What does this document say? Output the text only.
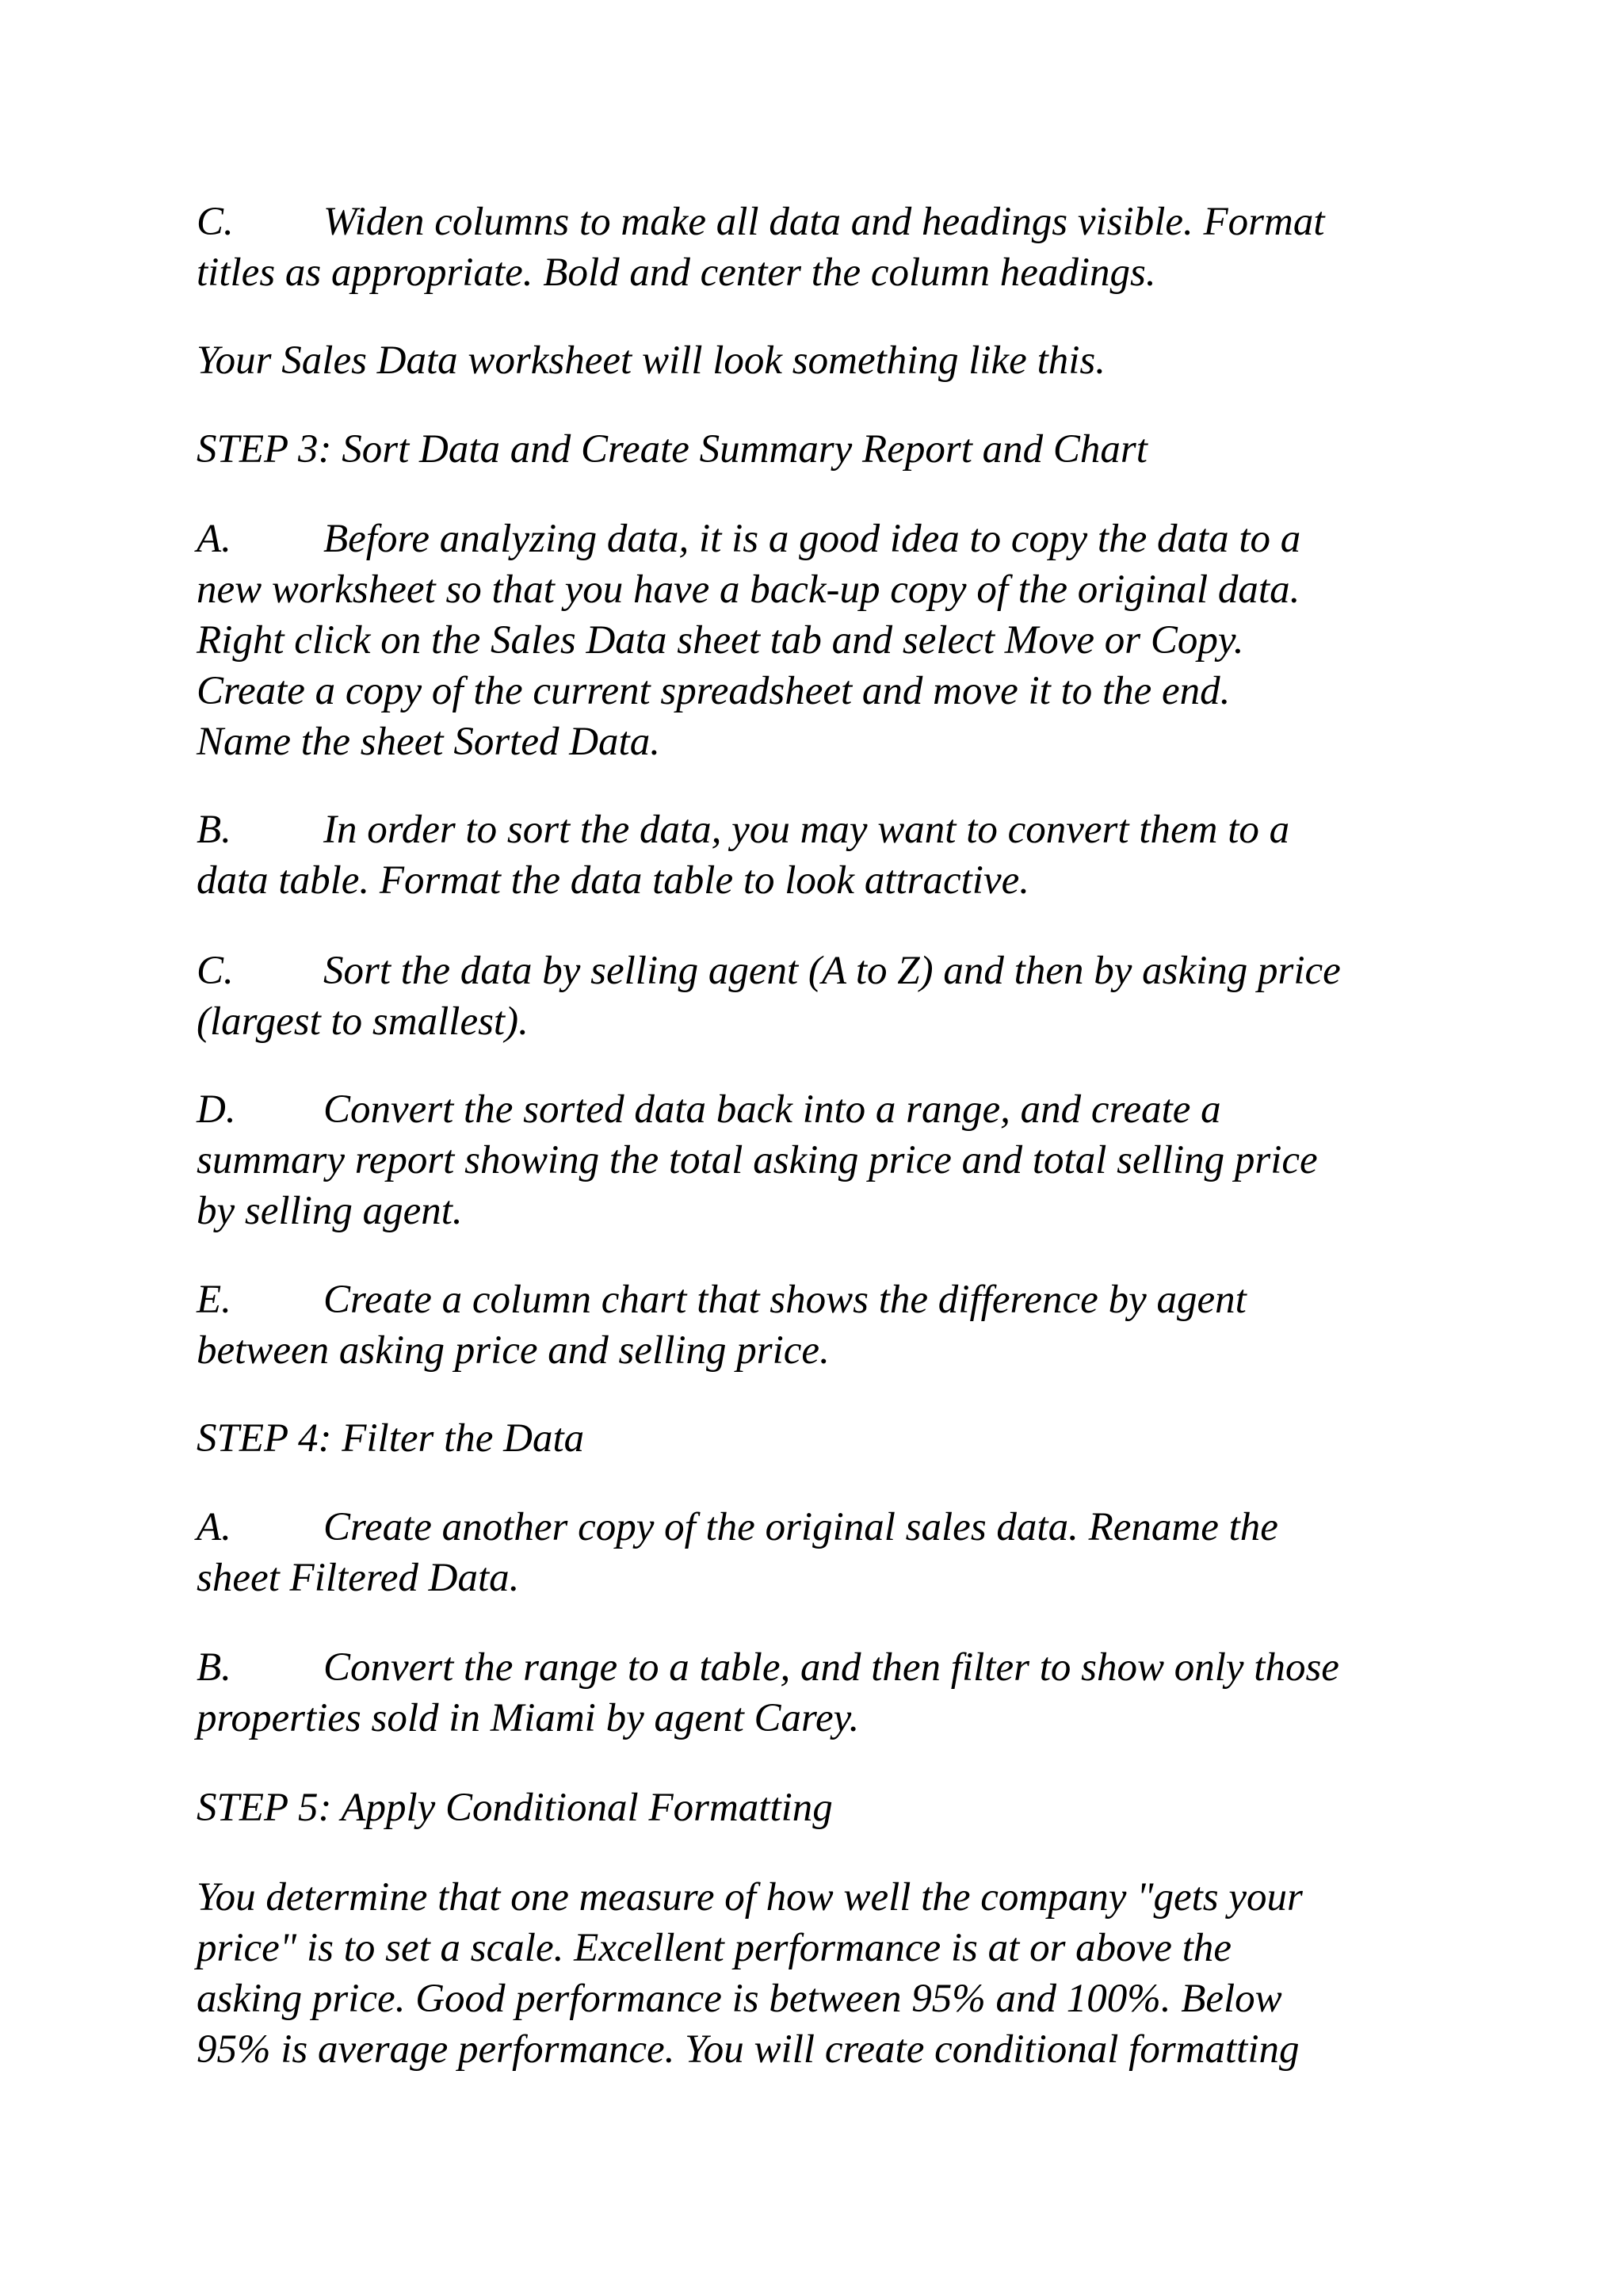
C. Widen columns to make all data and headings visible. Format
titles as appropriate. Bold and center the column headings.

Your Sales Data worksheet will look something like this.

STEP 3: Sort Data and Create Summary Report and Chart

A. Before analyzing data, it is a good idea to copy the data to a
new worksheet so that you have a back-up copy of the original data.
Right click on the Sales Data sheet tab and select Move or Copy.
Create a copy of the current spreadsheet and move it to the end.
Name the sheet Sorted Data.

B. In order to sort the data, you may want to convert them to a
data table. Format the data table to look attractive.

C. Sort the data by selling agent (A to Z) and then by asking price
(largest to smallest).

D. Convert the sorted data back into a range, and create a
summary report showing the total asking price and total selling price
by selling agent.

E. Create a column chart that shows the difference by agent
between asking price and selling price.

STEP 4: Filter the Data

A. Create another copy of the original sales data. Rename the
sheet Filtered Data.

B. Convert the range to a table, and then filter to show only those
properties sold in Miami by agent Carey.

STEP 5: Apply Conditional Formatting

You determine that one measure of how well the company "gets your
price" is to set a scale. Excellent performance is at or above the
asking price. Good performance is between 95% and 100%. Below
95% is average performance. You will create conditional formatting
